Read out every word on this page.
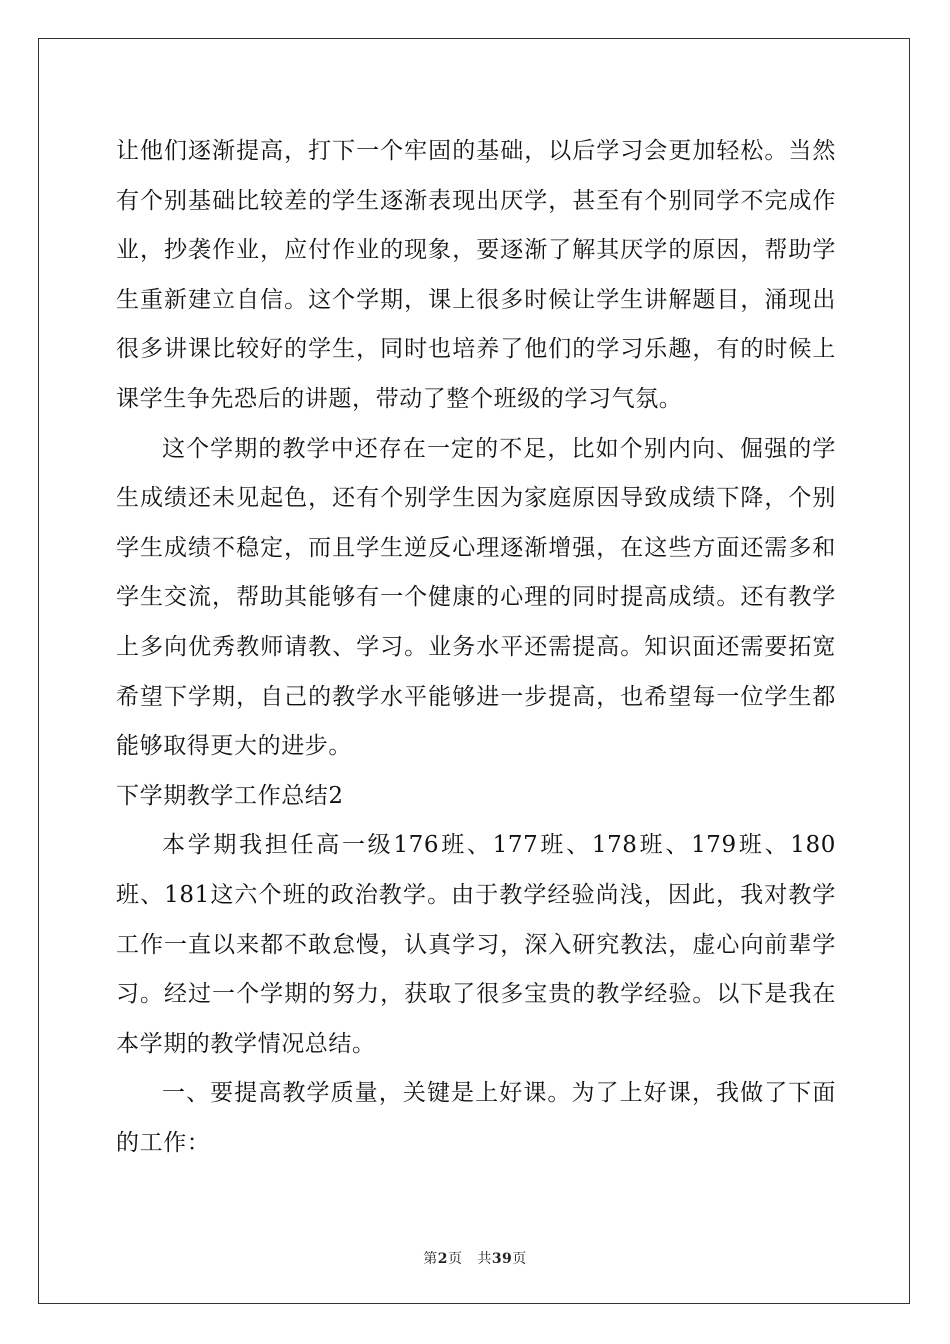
让他们逐渐提高，打下一个牢固的基础，以后学习会更加轻松。当然有个别基础比较差的学生逐渐表现出厌学，甚至有个别同学不完成作业，抄袭作业，应付作业的现象，要逐渐了解其厌学的原因，帮助学生重新建立自信。这个学期，课上很多时候让学生讲解题目，涌现出很多讲课比较好的学生，同时也培养了他们的学习乐趣，有的时候上课学生争先恐后的讲题，带动了整个班级的学习气氛。

这个学期的教学中还存在一定的不足，比如个别内向、倔强的学生成绩还未见起色，还有个别学生因为家庭原因导致成绩下降，个别学生成绩不稳定，而且学生逆反心理逐渐增强，在这些方面还需多和学生交流，帮助其能够有一个健康的心理的同时提高成绩。还有教学上多向优秀教师请教、学习。业务水平还需提高。知识面还需要拓宽希望下学期，自己的教学水平能够进一步提高，也希望每一位学生都能够取得更大的进步。

下学期教学工作总结2

本学期我担任高一级176班、177班、178班、179班、180班、181这六个班的政治教学。由于教学经验尚浅，因此，我对教学工作一直以来都不敢怠慢，认真学习，深入研究教法，虚心向前辈学习。经过一个学期的努力，获取了很多宝贵的教学经验。以下是我在本学期的教学情况总结。

一、要提高教学质量，关键是上好课。为了上好课，我做了下面的工作：

第2页 共39页
